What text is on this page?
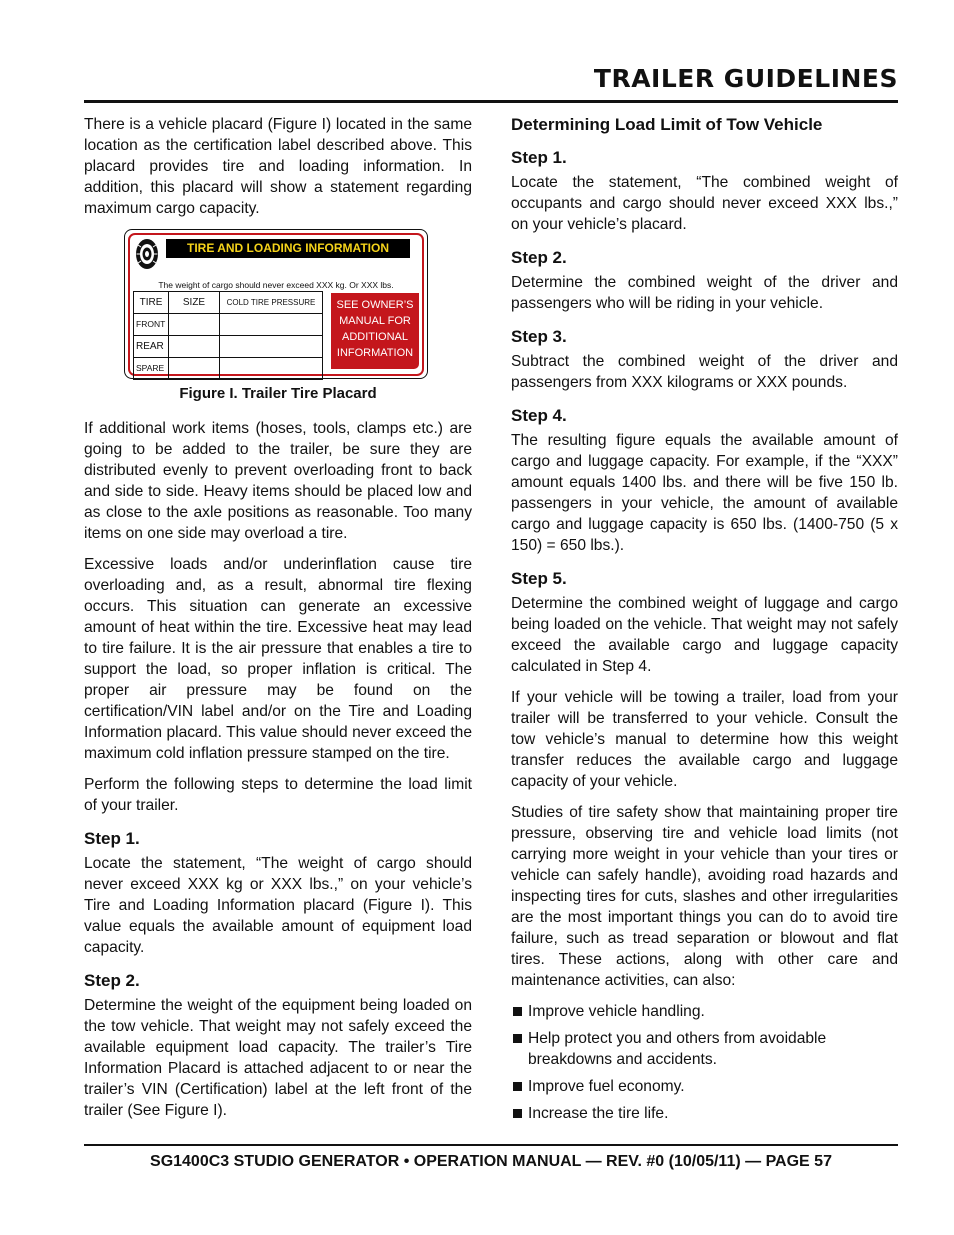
TRAILER GUIDELINES

There is a vehicle placard (Figure I) located in the same location as the certification label described above. This placard provides tire and loading information. In addition, this placard will show a statement regarding maximum cargo capacity.

TIRE AND LOADING INFORMATION
The weight of cargo should never exceed XXX kg. Or XXX lbs.
TIRE	SIZE	COLD TIRE PRESSURE
FRONT		
REAR		
SPARE		
SEE OWNER’S
MANUAL FOR
ADDITIONAL
INFORMATION
Figure I. Trailer Tire Placard

If additional work items (hoses, tools, clamps etc.) are going to be added to the trailer, be sure they are distributed evenly to prevent overloading front to back and side to side. Heavy items should be placed low and as close to the axle positions as reasonable. Too many items on one side may overload a tire.

Excessive loads and/or underinflation cause tire overloading and, as a result, abnormal tire flexing occurs. This situation can generate an excessive amount of heat within the tire. Excessive heat may lead to tire failure. It is the air pressure that enables a tire to support the load, so proper inflation is critical. The proper air pressure may be found on the certification/VIN label and/or on the Tire and Loading Information placard. This value should never exceed the maximum cold inflation pressure stamped on the tire.

Perform the following steps to determine the load limit of your trailer.

Step 1.

Locate the statement, “The weight of cargo should never exceed XXX kg or XXX lbs.,” on your vehicle’s Tire and Loading Information placard (Figure I). This value equals the available amount of equipment load capacity.

Step 2.

Determine the weight of the equipment being loaded on the tow vehicle. That weight may not safely exceed the available equipment load capacity. The trailer’s Tire Information Placard is attached adjacent to or near the trailer’s VIN (Certification) label at the left front of the trailer (See Figure I).

Determining Load Limit of Tow Vehicle
Step 1.

Locate the statement, “The combined weight of occupants and cargo should never exceed XXX lbs.,” on your vehicle’s placard.

Step 2.

Determine the combined weight of the driver and passengers who will be riding in your vehicle.

Step 3.

Subtract the combined weight of the driver and passengers from XXX kilograms or XXX pounds.

Step 4.

The resulting figure equals the available amount of cargo and luggage capacity. For example, if the “XXX” amount equals 1400 lbs. and there will be five 150 lb. passengers in your vehicle, the amount of available cargo and luggage capacity is 650 lbs. (1400-750 (5 x 150) = 650 lbs.).

Step 5.

Determine the combined weight of luggage and cargo being loaded on the vehicle. That weight may not safely exceed the available cargo and luggage capacity calculated in Step 4.

If your vehicle will be towing a trailer, load from your trailer will be transferred to your vehicle. Consult the tow vehicle’s manual to determine how this weight transfer reduces the available cargo and luggage capacity of your vehicle.

Studies of tire safety show that maintaining proper tire pressure, observing tire and vehicle load limits (not carrying more weight in your vehicle than your tires or vehicle can safely handle), avoiding road hazards and inspecting tires for cuts, slashes and other irregularities are the most important things you can do to avoid tire failure, such as tread separation or blowout and flat tires. These actions, along with other care and maintenance activities, can also:

Improve vehicle handling.
Help protect you and others from avoidable breakdowns and accidents.
Improve fuel economy.
Increase the tire life.

SG1400C3 STUDIO GENERATOR • OPERATION MANUAL — REV. #0 (10/05/11) — PAGE 57
